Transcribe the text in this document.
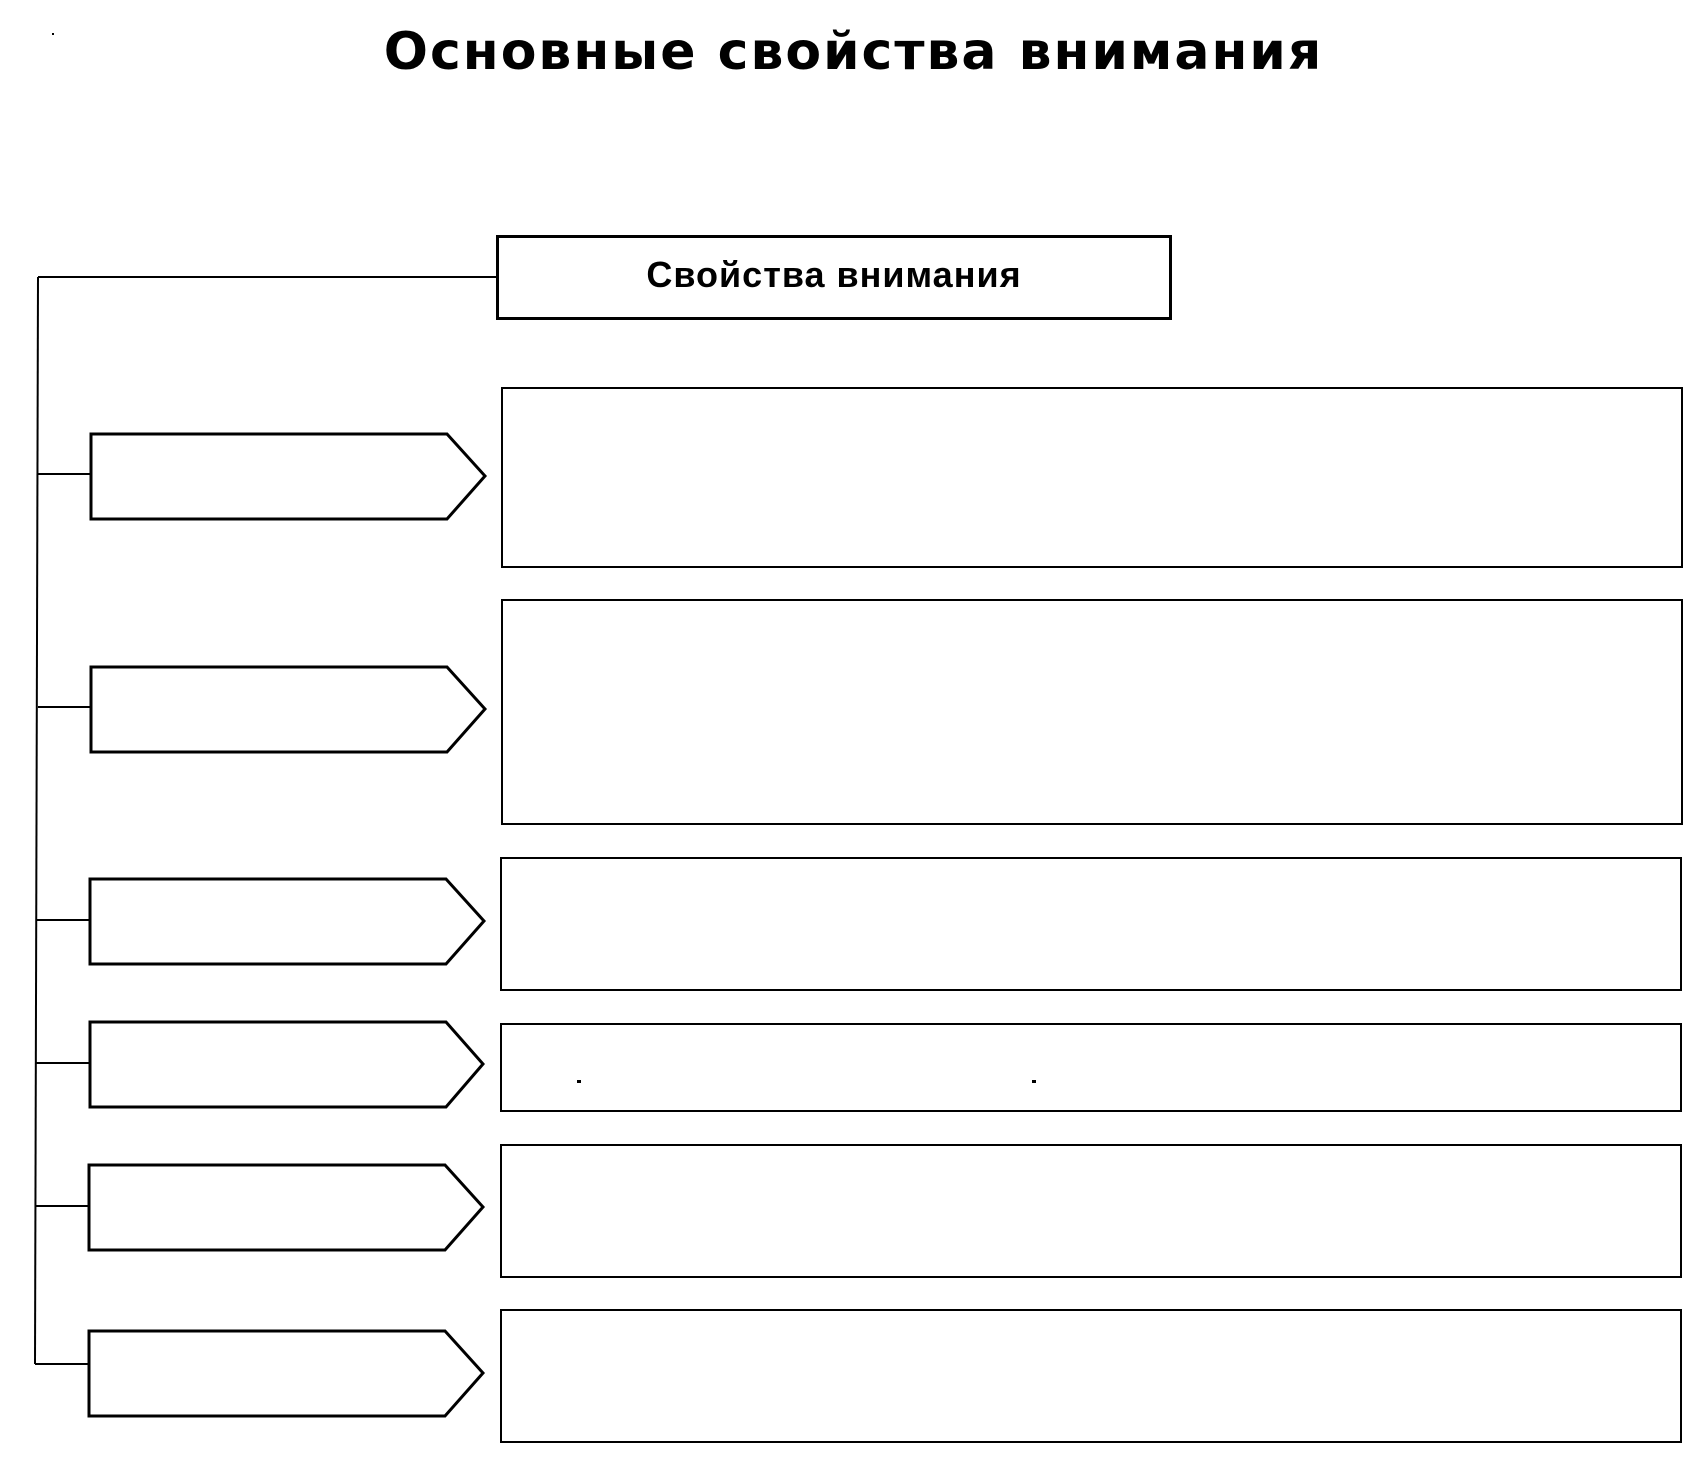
Основные свойства внимания
Свойства внимания
